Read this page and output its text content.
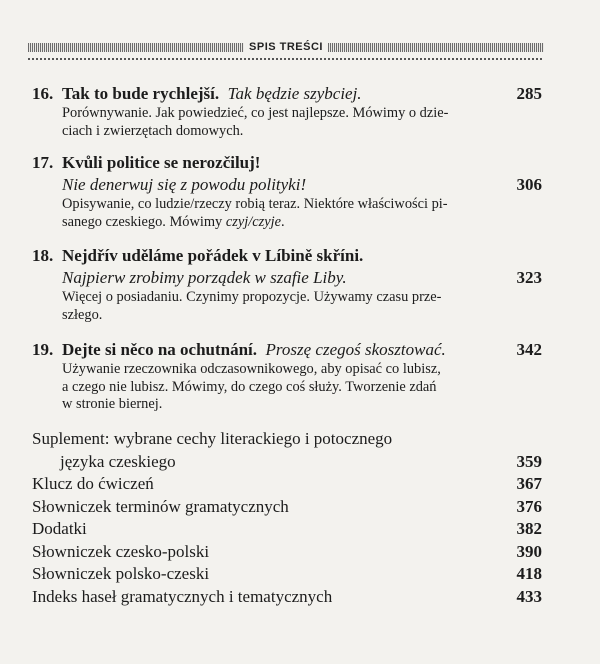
SPIS TREŚCI
16. Tak to bude rychlejší. Tak będzie szybciej.	285
Porównywanie. Jak powiedzieć, co jest najlepsze. Mówimy o dzie-
ciach i zwierzętach domowych.
17. Kvůli politice se nerozčiluj!
Nie denerwuj się z powodu polityki!	306
Opisywanie, co ludzie/rzeczy robią teraz. Niektóre właściwości pi-
sanego czeskiego. Mówimy czyj/czyje.
18. Nejdřív uděláme pořádek v Líbině skříni.
Najpierw zrobimy porządek w szafie Liby.	323
Więcej o posiadaniu. Czynimy propozycje. Używamy czasu prze-
szłego.
19. Dejte si něco na ochutnání. Proszę czegoś skosztować.	342
Używanie rzeczownika odczasownikowego, aby opisać co lubisz,
a czego nie lubisz. Mówimy, do czego coś służy. Tworzenie zdań
w stronie biernej.
Suplement: wybrane cechy literackiego i potocznego
języka czeskiego	359
Klucz do ćwiczeń	367
Słowniczek terminów gramatycznych	376
Dodatki	382
Słowniczek czesko-polski	390
Słowniczek polsko-czeski	418
Indeks haseł gramatycznych i tematycznych	433
